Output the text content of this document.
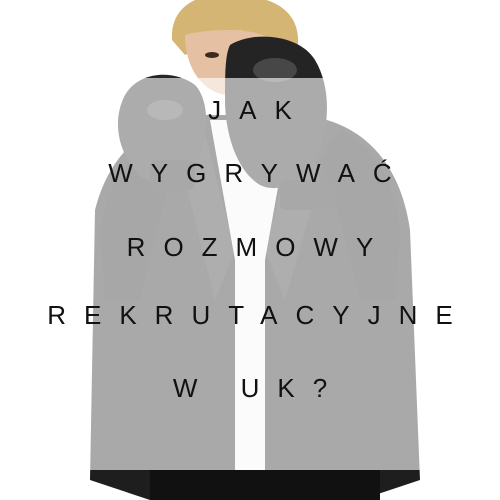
JAK
WYGRYWAĆ
ROZMOWY
REKRUTACYJNE
W UK?
